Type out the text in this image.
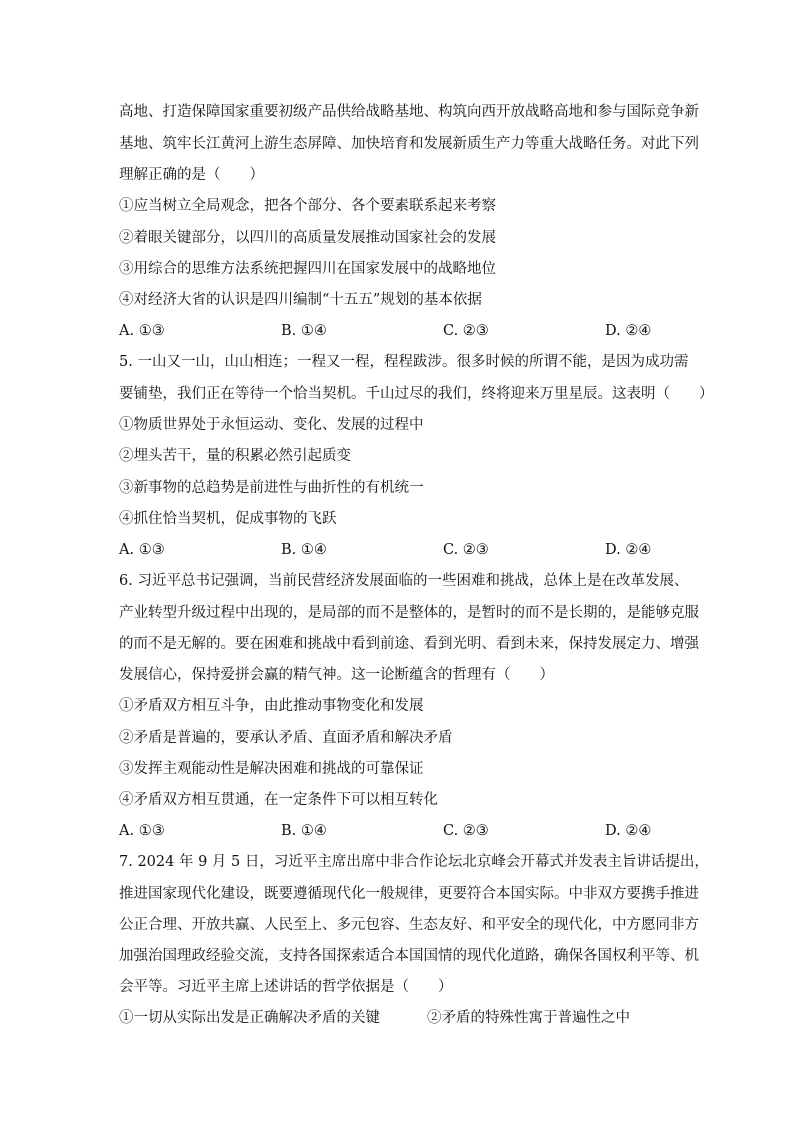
高地、打造保障国家重要初级产品供给战略基地、构筑向西开放战略高地和参与国际竞争新
基地、筑牢长江黄河上游生态屏障、加快培育和发展新质生产力等重大战略任务。对此下列
理解正确的是（　　）
①应当树立全局观念，把各个部分、各个要素联系起来考察
②着眼关键部分，以四川的高质量发展推动国家社会的发展
③用综合的思维方法系统把握四川在国家发展中的战略地位
④对经济大省的认识是四川编制“十五五”规划的基本依据
A. ①③	B. ①④	C. ②③	D. ②④
5. 一山又一山，山山相连；一程又一程，程程跋涉。很多时候的所谓不能，是因为成功需
要铺垫，我们正在等待一个恰当契机。千山过尽的我们，终将迎来万里星辰。这表明（　　）
①物质世界处于永恒运动、变化、发展的过程中
②埋头苦干，量的积累必然引起质变
③新事物的总趋势是前进性与曲折性的有机统一
④抓住恰当契机，促成事物的飞跃
A. ①③	B. ①④	C. ②③	D. ②④
6. 习近平总书记强调，当前民营经济发展面临的一些困难和挑战，总体上是在改革发展、
产业转型升级过程中出现的，是局部的而不是整体的，是暂时的而不是长期的，是能够克服
的而不是无解的。要在困难和挑战中看到前途、看到光明、看到未来，保持发展定力、增强
发展信心，保持爱拼会赢的精气神。这一论断蕴含的哲理有（　　）
①矛盾双方相互斗争，由此推动事物变化和发展
②矛盾是普遍的，要承认矛盾、直面矛盾和解决矛盾
③发挥主观能动性是解决困难和挑战的可靠保证
④矛盾双方相互贯通，在一定条件下可以相互转化
A. ①③	B. ①④	C. ②③	D. ②④
7. 2024 年 9 月 5 日，习近平主席出席中非合作论坛北京峰会开幕式并发表主旨讲话提出，
推进国家现代化建设，既要遵循现代化一般规律，更要符合本国实际。中非双方要携手推进
公正合理、开放共赢、人民至上、多元包容、生态友好、和平安全的现代化，中方愿同非方
加强治国理政经验交流，支持各国探索适合本国国情的现代化道路，确保各国权利平等、机
会平等。习近平主席上述讲话的哲学依据是（　　）
①一切从实际出发是正确解决矛盾的关键	②矛盾的特殊性寓于普遍性之中
